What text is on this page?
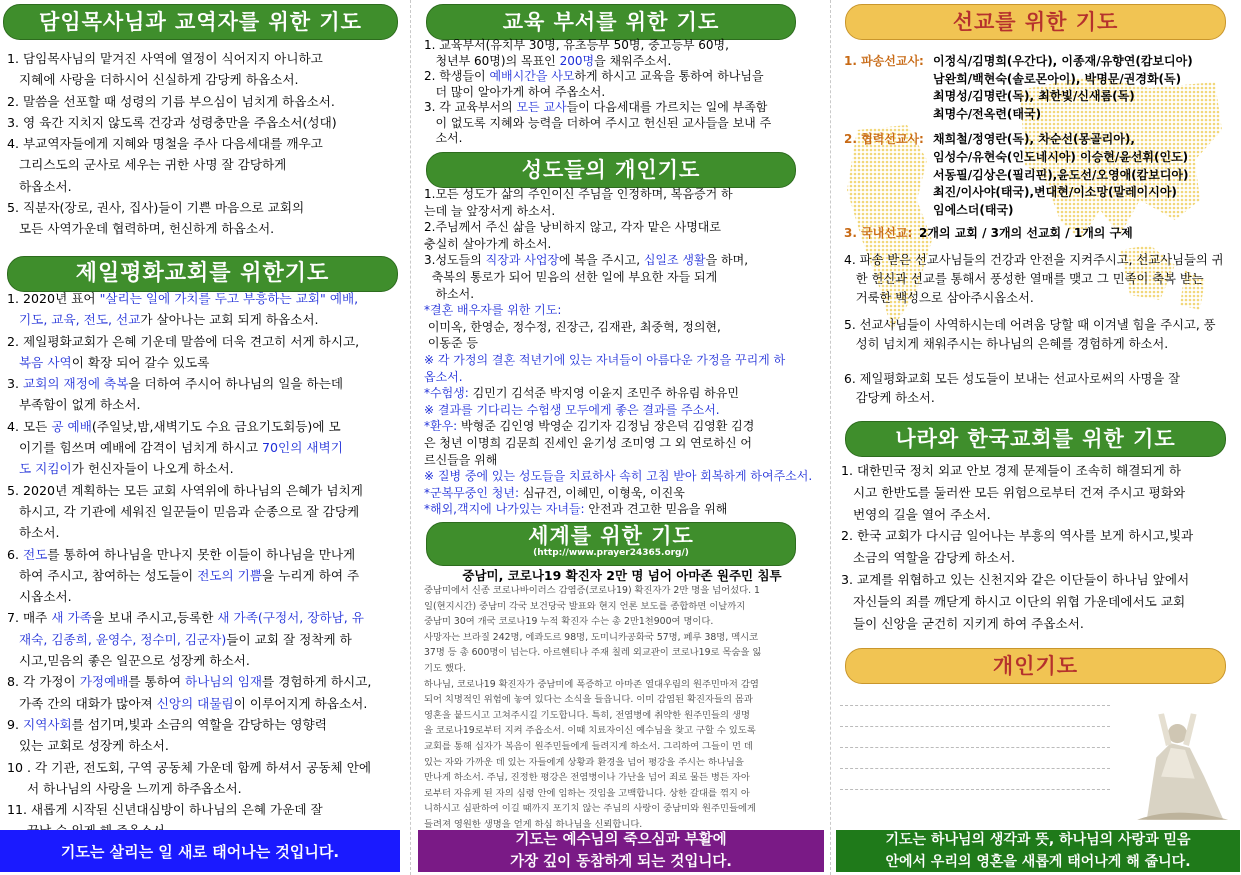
담임목사님과 교역자를 위한 기도
1. 담임목사님의 맡겨진 사역에 열정이 식어지지 아니하고
지혜에 사랑을 더하시어 신실하게 감당케 하옵소서.
2. 말씀을 선포할 때 성령의 기름 부으심이 넘치게 하옵소서.
3. 영 육간 지치지 않도록 건강과 성령충만을 주옵소서(성대)
4. 부교역자들에게 지혜와 명철을 주사 다음세대를 깨우고
그리스도의 군사로 세우는 귀한 사명 잘 감당하게
하옵소서.
5. 직분자(장로, 권사, 집사)들이 기쁜 마음으로 교회의
모든 사역가운데 협력하며, 헌신하게 하옵소서.
제일평화교회를 위한기도
1. 2020년 표어 "살리는 일에 가치를 두고 부흥하는 교회" 예배,
기도, 교육, 전도, 선교가 살아나는 교회 되게 하옵소서.
2. 제일평화교회가 은혜 기운데 말씀에 더욱 견고히 서게 하시고,
복음 사역이 확장 되어 갈수 있도록
3. 교회의 재정에 축복을 더하여 주시어 하나님의 일을 하는데
부족함이 없게 하소서.
4. 모든 공 예배(주일낮,밤,새벽기도 수요 금요기도회등)에 모
이기를 힘쓰며 예배에 감격이 넘치게 하시고 70인의 새벽기
도 지킴이가 헌신자들이 나오게 하소서.
5. 2020년 계획하는 모든 교회 사역위에 하나님의 은혜가 넘치게
하시고, 각 기관에 세워진 일꾼들이 믿음과 순종으로 잘 감당케
하소서.
6. 전도를 통하여 하나님을 만나지 못한 이들이 하나님을 만나게
하여 주시고, 참여하는 성도들이 전도의 기쁨을 누리게 하여 주
시옵소서.
7. 매주 새 가족을 보내 주시고,등록한 새 가족(구정서, 장하남, 유
재숙, 김종희, 윤영수, 정수미, 김군자)들이 교회 잘 정착케 하
시고,믿음의 좋은 일꾼으로 성장케 하소서.
8. 각 가정이 가정예배를 통하여 하나님의 임재를 경험하게 하시고,
가족 간의 대화가 많아져 신앙의 대물림이 이루어지게 하옵소서.
9. 지역사회를 섬기며,빛과 소금의 역할을 감당하는 영향력
있는 교회로 성장케 하소서.
10 . 각 기관, 전도회, 구역 공동체 가운데 함께 하셔서 공동체 안에
서 하나님의 사랑을 느끼게 하주옵소서.
11. 새롭게 시작된 신년대심방이 하나님의 은혜 가운데 잘
기도는 살리는 일 새로 태어나는 것입니다.
교육 부서를 위한 기도
1. 교육부서(유치부 30명, 유초등부 50명, 중고등부 60명,
청년부 60명)의 목표인 200명을 채워주소서.
2. 학생들이 예배시간을 사모하게 하시고 교육을 통하여 하나님을
더 많이 알아가게 하여 주옵소서.
3. 각 교육부서의 모든 교사들이 다음세대를 가르치는 일에 부족함
이 없도록 지혜와 능력을 더하여 주시고 헌신된 교사들을 보내 주
소서.
성도들의 개인기도
1.모든 성도가 삶의 주인이신 주님을 인정하며, 복음증거 하
는데 늘 앞장서게 하소서.
2.주님께서 주신 삶을 낭비하지 않고, 각자 맡은 사명대로
충실히 살아가게 하소서.
3.성도들의 직장과 사업장에 복을 주시고, 십일조 생활을 하며,
축복의 통로가 되어 믿음의 선한 일에 부요한 자들 되게
하소서.
*결혼 배우자를 위한 기도:
이미옥, 한영순, 정수정, 진장근, 김재관, 최중혁, 정의현,
이동준 등
※ 각 가정의 결혼 적년기에 있는 자녀들이 아름다운 가정을 꾸리게 하
옵소서.
*수험생: 김민기 김석준 박지영 이윤지 조민주 하유림 하유민
※ 결과를 기다리는 수험생 모두에게 좋은 결과를 주소서.
*환우: 박형준 김인영 박영순 김기자 김정님 장은덕 김영환 김경
은 청년 이명희 김문희 진세인 윤기성 조미영 그 외 연로하신 어
르신들을 위해
※ 질병 중에 있는 성도들을 치료하사 속히 고침 받아 회복하게 하여주소서.
*군복무중인 청년: 심규건, 이혜민, 이형욱, 이진욱
*해외,객지에 나가있는 자녀들: 안전과 견고한 믿음을 위해
세계를 위한 기도
(http://www.prayer24365.org/)
중남미, 코로나19 확진자 2만 명 넘어 아마존 원주민 침투
중남미에서 신종 코로나바이러스 감염증(코로나19) 확진자가 2만 명을 넘어섰다. 1
일(현지시간) 중남미 각국 보건당국 발표와 현지 언론 보도를 종합하면 이날까지
중남미 30여 개국 코로나19 누적 확진자 수는 총 2만1천900여 명이다.
사망자는 브라질 242명, 에콰도르 98명, 도미니카공화국 57명, 페루 38명, 멕시코
37명 등 총 600명이 넘는다. 아르헨티나 주재 칠레 외교관이 코로나19로 목숨을 잃
기도 했다.
하나님, 코로나19 확진자가 중남미에 폭증하고 아마존 열대우림의 원주민마저 감염
되어 치명적인 위험에 놓여 있다는 소식을 들읍니다. 이미 감염된 확진자들의 몸과
영혼을 붙드시고 고쳐주시길 기도합니다. 특히, 전염병에 취약한 원주민들의 생명
을 코로나19로부터 지켜 주옵소서. 이때 치료자이신 예수님을 찾고 구할 수 있도록
교회를 통해 십자가 복음이 원주민들에게 들려지게 하소서. 그리하여 그들이 먼 데
있는 자와 가까운 데 있는 자들에게 상황과 환경을 넘어 평강을 주시는 하나님을
만나게 하소서. 주님, 진정한 평강은 전염병이나 가난을 넘어 죄로 물든 병든 자아
로부터 자유케 된 자의 심령 안에 임하는 것임을 고백합니다. 상한 갈대를 꺾지 아
니하시고 심판하여 이길 때까지 포기치 않는 주님의 사랑이 중남미와 원주민들에게
들려져 영원한 생명을 얻게 하심 하나님을 신뢰합니다.
기도는 예수님의 죽으심과 부활에
가장 깊이 동참하게 되는 것입니다.
선교를 위한 기도
1. 파송선교사: 이정식/김명희(우간다), 이종재/유향연(캄보디아)
남완희/백현숙(솔로몬아이), 박명문/권경화(독)
최명성/김명란(독), 최한빛/신새롬(독)
최명수/전옥련(태국)
2. 협력선교사: 채희철/정영란(독), 차순선(몽골리아),
임성수/유현숙(인도네시아) 이승현/윤선휘(인도)
서동필/김상은(필리핀),윤도선/오영애(캄보디아)
최진/이사야(태국),변대현/이소망(말레이시아)
임에스더(태국)
3. 국내선교: 2개의 교회 / 3개의 선교회 / 1개의 구제
4. 파송 받은 선교사님들의 건강과 안전을 지켜주시고, 선교사님들의 귀
한 헌신과 선교를 통해서 풍성한 열매를 맺고 그 민족이 축복 받는
거룩한 백성으로 삼아주시옵소서.
5. 선교사님들이 사역하시는데 어려움 당할 때 이겨낼 힘을 주시고, 풍
성히 넘치게 채워주시는 하나님의 은혜를 경험하게 하소서.
6. 제일평화교회 모든 성도들이 보내는 선교사로써의 사명을 잘
감당케 하소서.
나라와 한국교회를 위한 기도
1. 대한민국 정치 외교 안보 경제 문제들이 조속히 해결되게 하
시고 한반도를 둘러싼 모든 위험으로부터 건져 주시고 평화와
번영의 길을 열어 주소서.
2. 한국 교회가 다시금 일어나는 부흥의 역사를 보게 하시고,빛과
소금의 역할을 감당케 하소서.
3. 교계를 위협하고 있는 신천지와 같은 이단들이 하나님 앞에서
자신들의 죄를 깨닫게 하시고 이단의 위협 가운데에서도 교회
들이 신앙을 굳건히 지키게 하여 주옵소서.
개인기도
기도는 하나님의 생각과 뜻, 하나님의 사랑과 믿음
안에서 우리의 영혼을 새롭게 태어나게 해 줍니다.
